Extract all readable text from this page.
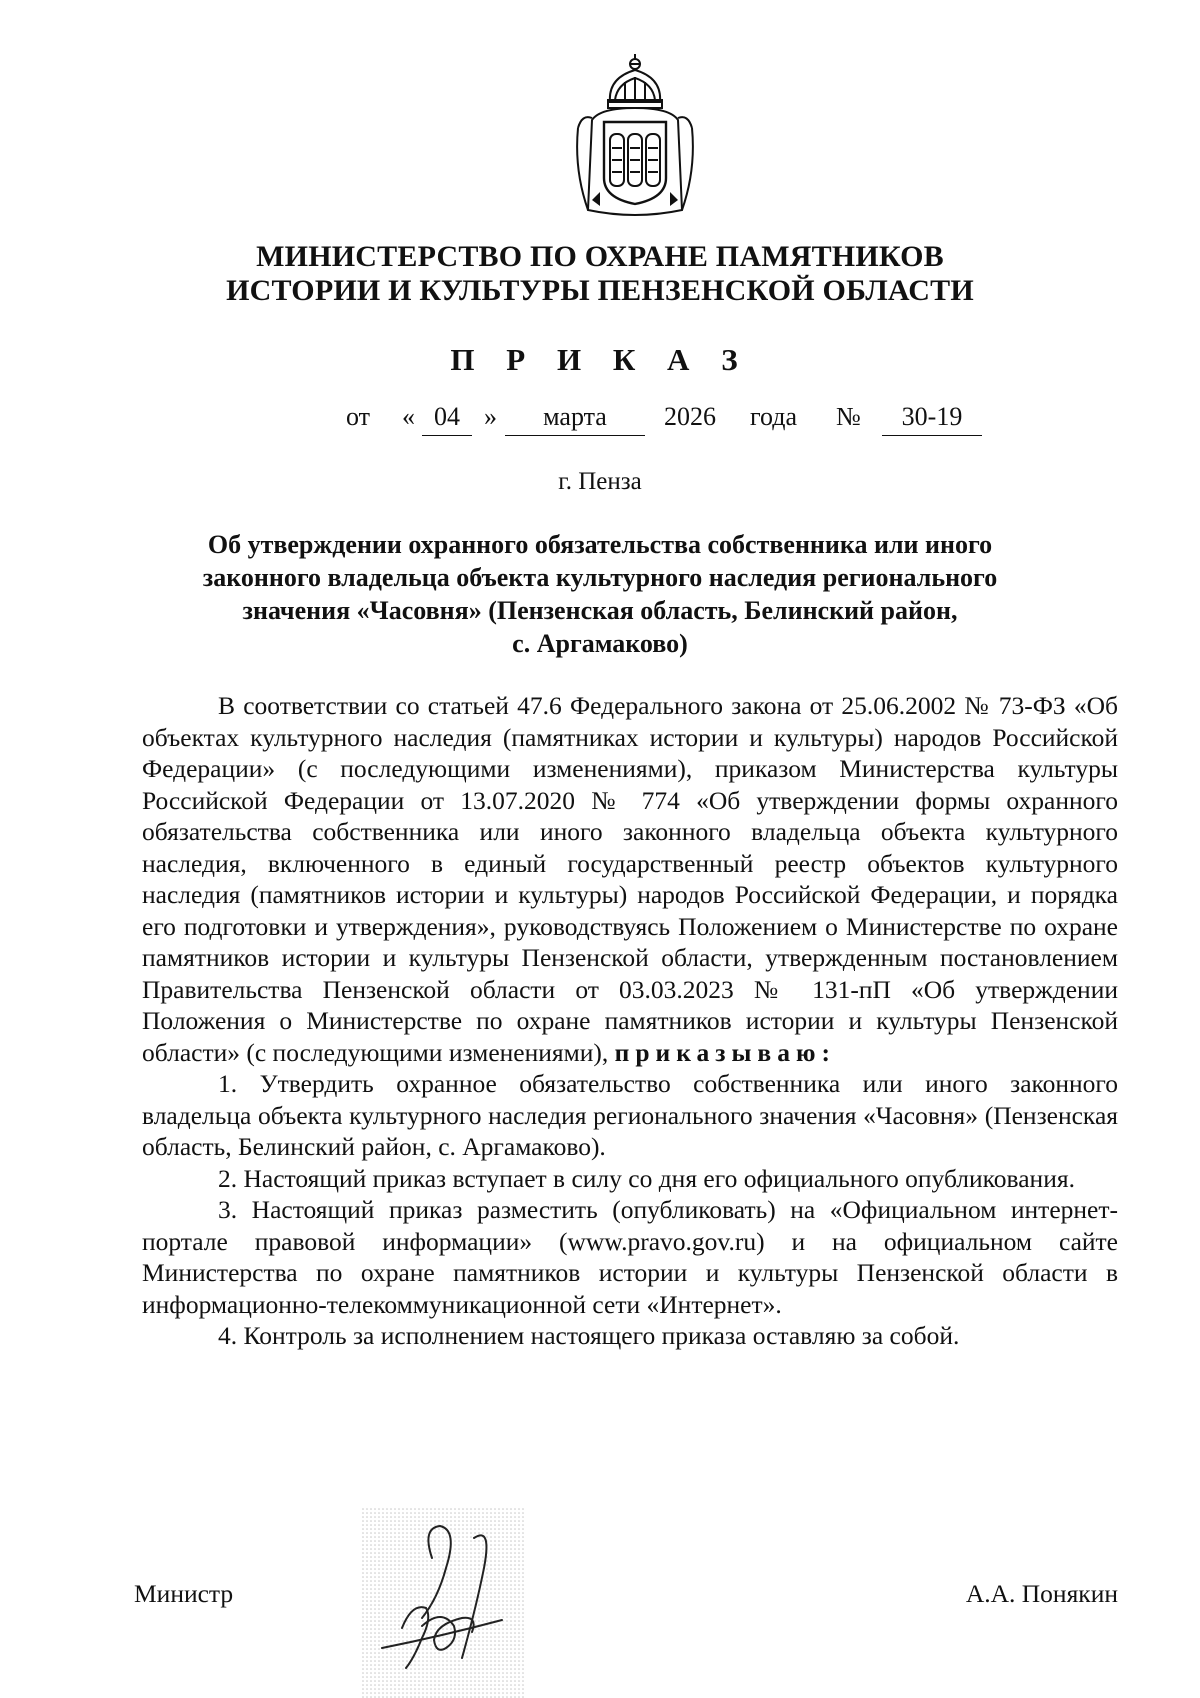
МИНИСТЕРСТВО ПО ОХРАНЕ ПАМЯТНИКОВ
ИСТОРИИ И КУЛЬТУРЫ ПЕНЗЕНСКОЙ ОБЛАСТИ
П Р И К А З
от « 04 »	марта	2026 года №	30-19
г. Пенза
Об утверждении охранного обязательства собственника или иного
законного владельца объекта культурного наследия регионального
значения «Часовня» (Пензенская область, Белинский район,
с. Аргамаково)

В соответствии со статьей 47.6 Федерального закона от 25.06.2002 № 73-ФЗ «Об объектах культурного наследия (памятниках истории и культуры) народов Российской Федерации» (с последующими изменениями), приказом Министерства культуры Российской Федерации от 13.07.2020 № 774 «Об утверждении формы охранного обязательства собственника или иного законного владельца объекта культурного наследия, включенного в единый государственный реестр объектов культурного наследия (памятников истории и культуры) народов Российской Федерации, и порядка его подготовки и утверждения», руководствуясь Положением о Министерстве по охране памятников истории и культуры Пензенской области, утвержденным постановлением Правительства Пензенской области от 03.03.2023 № 131-пП «Об утверждении Положения о Министерстве по охране памятников истории и культуры Пензенской области» (с последующими изменениями), приказываю:

1. Утвердить охранное обязательство собственника или иного законного владельца объекта культурного наследия регионального значения «Часовня» (Пензенская область, Белинский район, с. Аргамаково).

2. Настоящий приказ вступает в силу со дня его официального опубликования.

3. Настоящий приказ разместить (опубликовать) на «Официальном интернет-портале правовой информации» (www.pravo.gov.ru) и на официальном сайте Министерства по охране памятников истории и культуры Пензенской области в информационно-телекоммуникационной сети «Интернет».

4. Контроль за исполнением настоящего приказа оставляю за собой.

Министр	А.А. Понякин
